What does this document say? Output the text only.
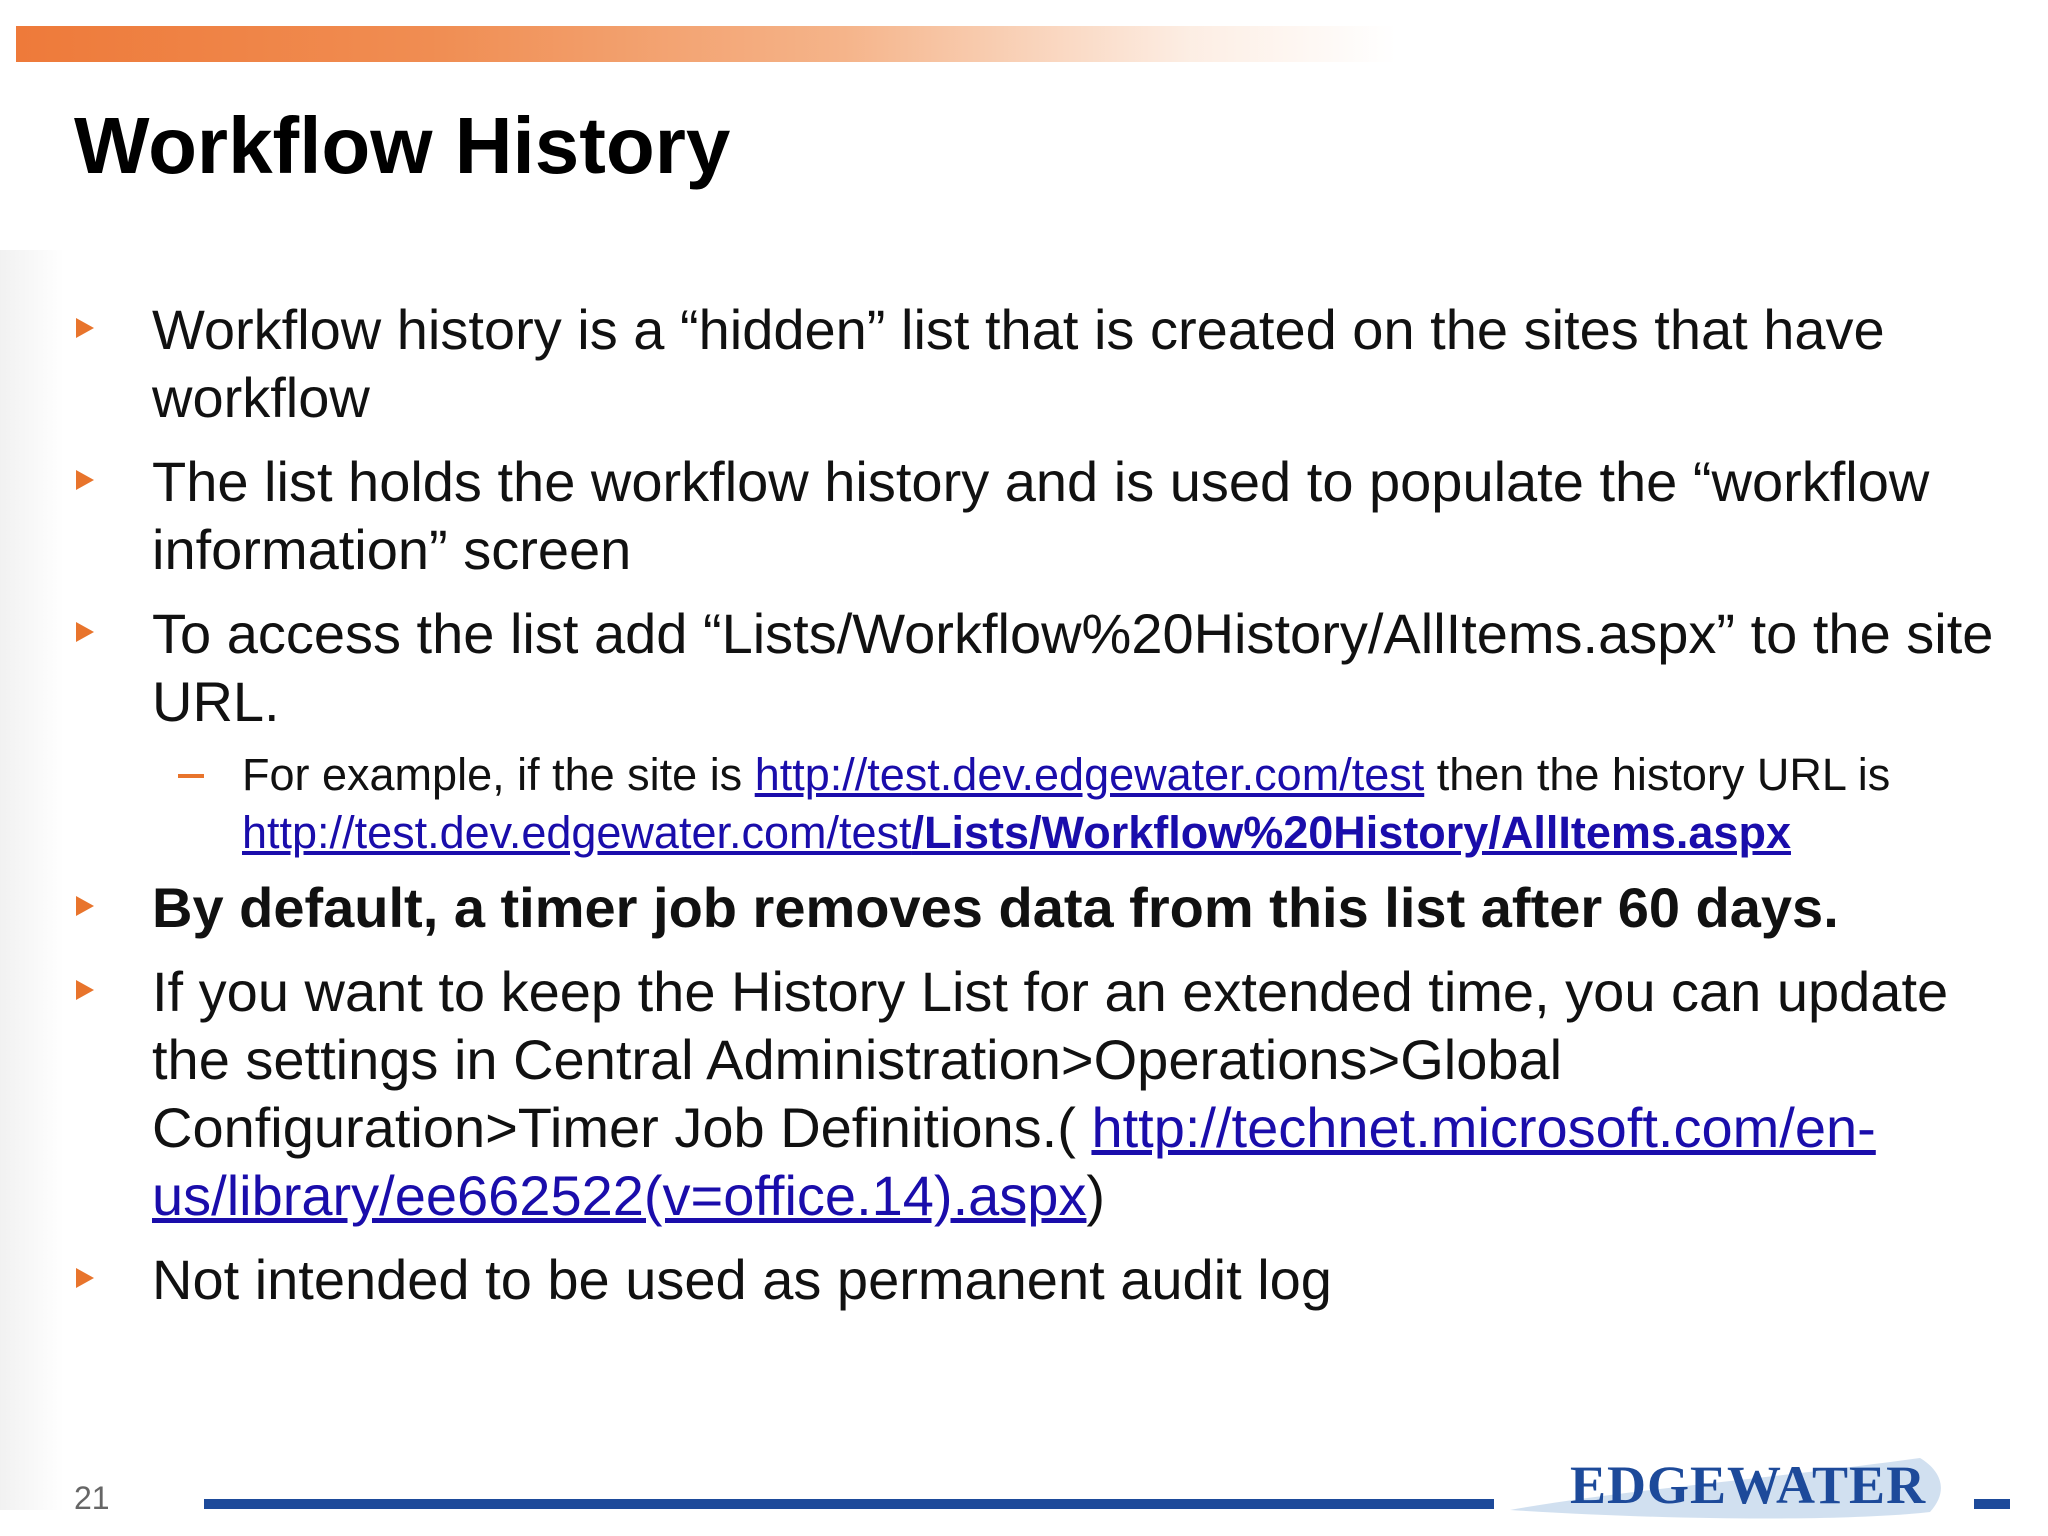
Workflow History

Workflow history is a “hidden” list that is created on the sites that have workflow

The list holds the workflow history and is used to populate the “workflow information” screen

To access the list add “Lists/Workflow%20History/AllItems.aspx” to the site URL.

For example, if the site is http://test.dev.edgewater.com/test then the history URL is http://test.dev.edgewater.com/test/Lists/Workflow%20History/AllItems.aspx

By default, a timer job removes data from this list after 60 days.

If you want to keep the History List for an extended time, you can update the settings in Central Administration>Operations>Global Configuration>Timer Job Definitions.( http://technet.microsoft.com/en-us/library/ee662522(v=office.14).aspx)

Not intended to be used as permanent audit log

21	EDGEWATER
